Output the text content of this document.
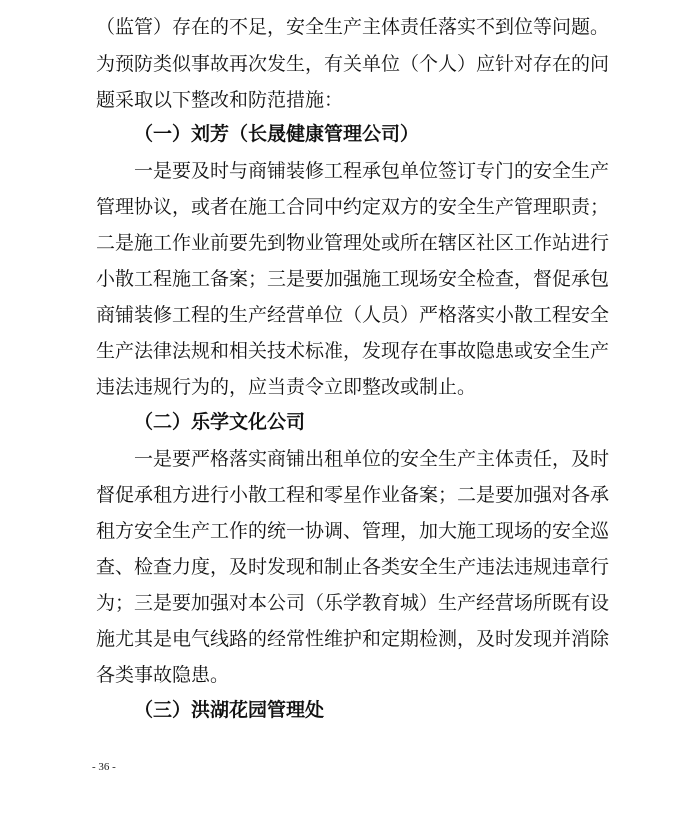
（监管）存在的不足，安全生产主体责任落实不到位等问题。
为预防类似事故再次发生，有关单位（个人）应针对存在的问
题采取以下整改和防范措施：
（一）刘芳（长晟健康管理公司）
一是要及时与商铺装修工程承包单位签订专门的安全生产
管理协议，或者在施工合同中约定双方的安全生产管理职责；
二是施工作业前要先到物业管理处或所在辖区社区工作站进行
小散工程施工备案；三是要加强施工现场安全检查，督促承包
商铺装修工程的生产经营单位（人员）严格落实小散工程安全
生产法律法规和相关技术标准，发现存在事故隐患或安全生产
违法违规行为的，应当责令立即整改或制止。
（二）乐学文化公司
一是要严格落实商铺出租单位的安全生产主体责任，及时
督促承租方进行小散工程和零星作业备案；二是要加强对各承
租方安全生产工作的统一协调、管理，加大施工现场的安全巡
查、检查力度，及时发现和制止各类安全生产违法违规违章行
为；三是要加强对本公司（乐学教育城）生产经营场所既有设
施尤其是电气线路的经常性维护和定期检测，及时发现并消除
各类事故隐患。
（三）洪湖花园管理处
- 36 -
